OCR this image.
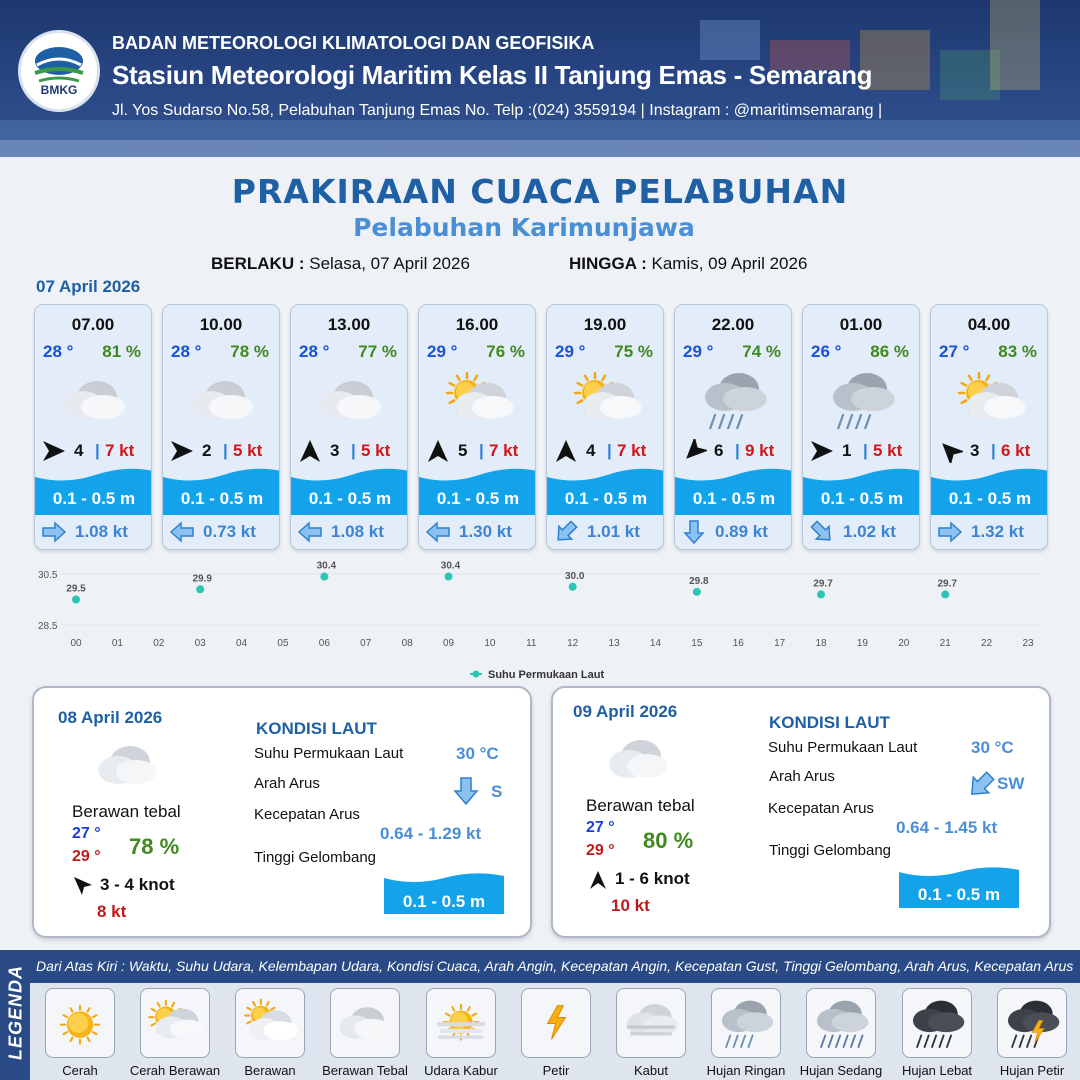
BMKG
BADAN METEOROLOGI KLIMATOLOGI DAN GEOFISIKA
Stasiun Meteorologi Maritim Kelas II Tanjung Emas - Semarang
Jl. Yos Sudarso No.58, Pelabuhan Tanjung Emas No. Telp :(024) 3559194 | Instagram : @maritimsemarang |
PRAKIRAAN CUACA PELABUHAN
Pelabuhan Karimunjawa
BERLAKU : Selasa, 07 April 2026	HINGGA : Kamis, 09 April 2026
07 April 2026
07.00
28 ° 81 %
4 | 7 kt
0.1 - 0.5 m
1.08 kt
10.00
28 ° 78 %
2 | 5 kt
0.1 - 0.5 m
0.73 kt
13.00
28 ° 77 %
3 | 5 kt
0.1 - 0.5 m
1.08 kt
16.00
29 ° 76 %
5 | 7 kt
0.1 - 0.5 m
1.30 kt
19.00
29 ° 75 %
4 | 7 kt
0.1 - 0.5 m
1.01 kt
22.00
29 ° 74 %
6 | 9 kt
0.1 - 0.5 m
0.89 kt
01.00
26 ° 86 %
1 | 5 kt
0.1 - 0.5 m
1.02 kt
04.00
27 ° 83 %
3 | 6 kt
0.1 - 0.5 m
1.32 kt
30.5
28.5
00	01	02	03	04	05	06	07	08	09	10	11	12	13	14	15	16	17	18	19	20	21	22	23
29.5
29.9
30.4	30.4
30.0	29.8	29.7	29.7
Suhu Permukaan Laut
08 April 2026
Berawan tebal
27 °
29 ° 78 %
3 - 4 knot
8 kt
KONDISI LAUT
Suhu Permukaan Laut	30 °C
Arah Arus	S
Kecepatan Arus
0.64 - 1.29 kt
Tinggi Gelombang
0.1 - 0.5 m
09 April 2026
Berawan tebal
27 °
29 ° 80 %
1 - 6 knot
10 kt
KONDISI LAUT
Suhu Permukaan Laut	30 °C
Arah Arus	SW
Kecepatan Arus
0.64 - 1.45 kt
Tinggi Gelombang
0.1 - 0.5 m
LEGENDA Dari Atas Kiri : Waktu, Suhu Udara, Kelembapan Udara, Kondisi Cuaca, Arah Angin, Kecepatan Angin, Kecepatan Gust, Tinggi Gelombang, Arah Arus, Kecepatan Arus
Cerah	Cerah Berawan	Berawan	Berawan Tebal	Udara Kabur	Petir	Kabut	Hujan Ringan	Hujan Sedang	Hujan Lebat	Hujan Petir
